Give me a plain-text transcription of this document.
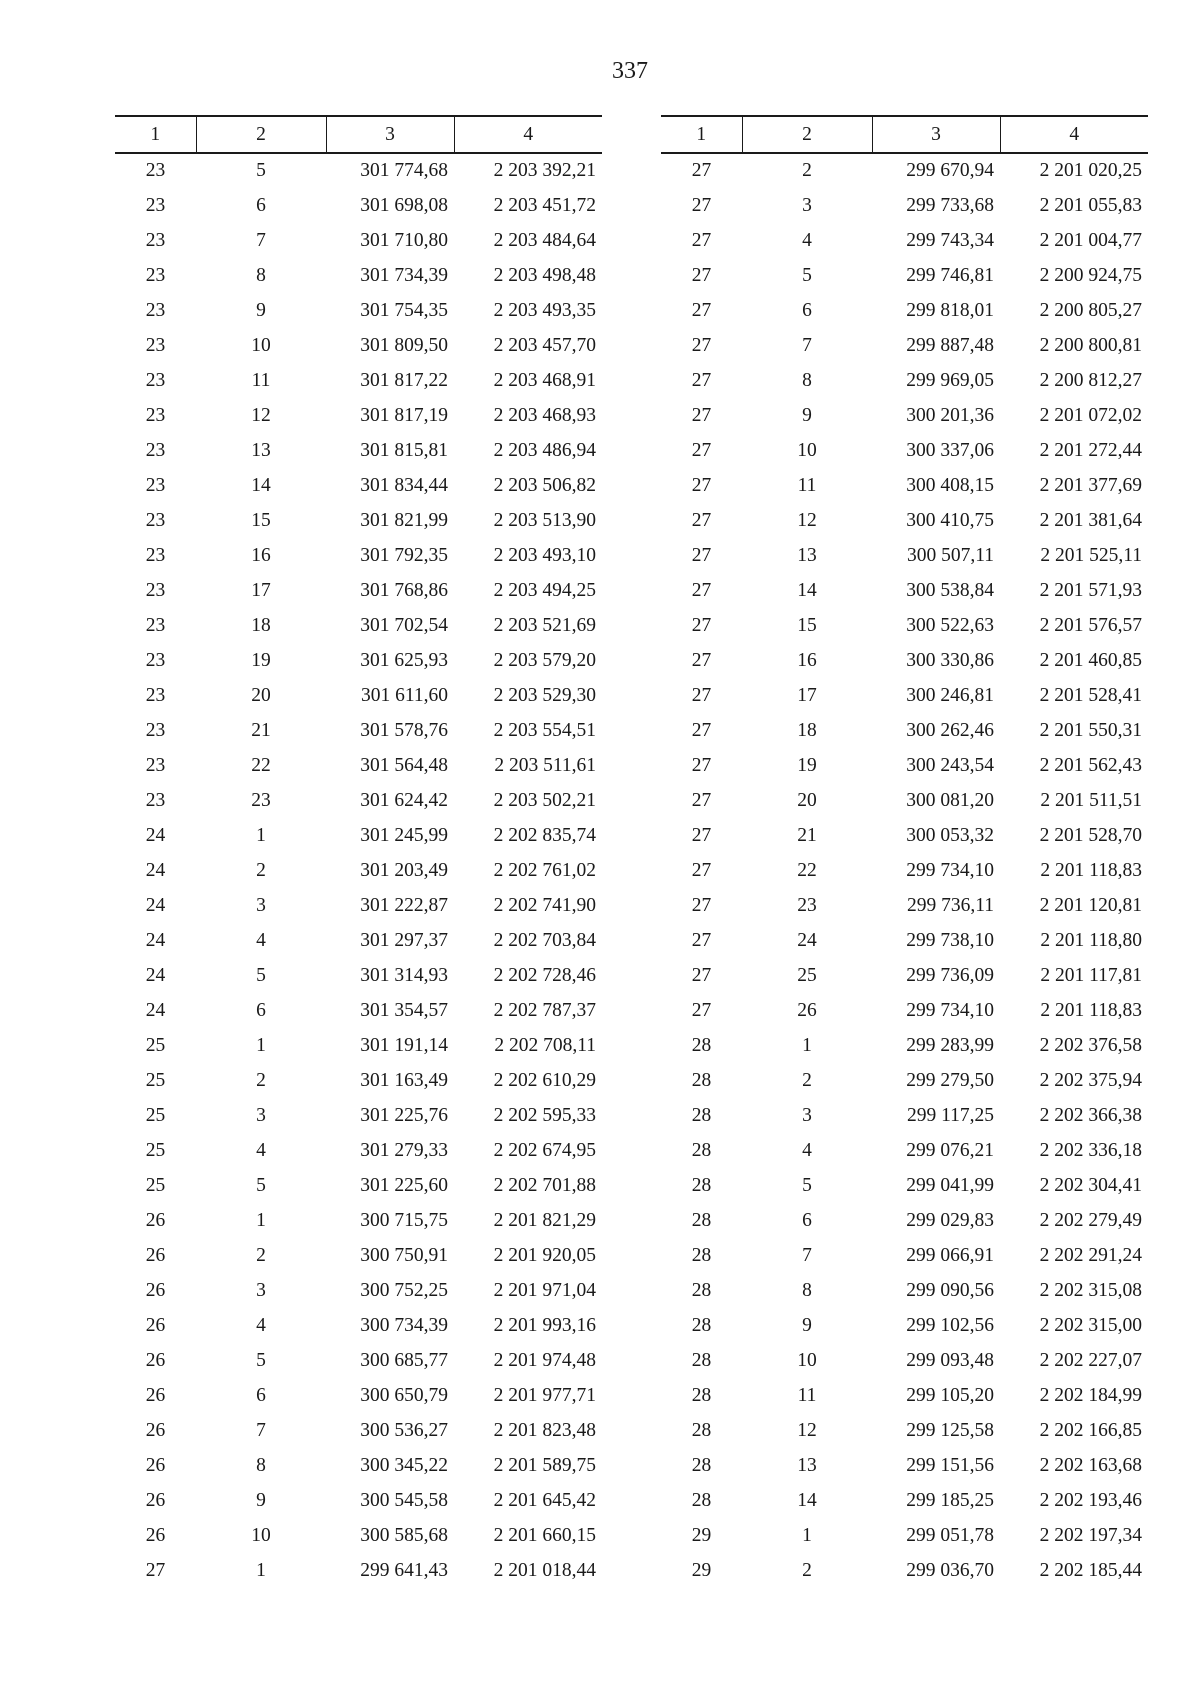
337
1	2	3	4
23	5	301 774,68	2 203 392,21
23	6	301 698,08	2 203 451,72
23	7	301 710,80	2 203 484,64
23	8	301 734,39	2 203 498,48
23	9	301 754,35	2 203 493,35
23	10	301 809,50	2 203 457,70
23	11	301 817,22	2 203 468,91
23	12	301 817,19	2 203 468,93
23	13	301 815,81	2 203 486,94
23	14	301 834,44	2 203 506,82
23	15	301 821,99	2 203 513,90
23	16	301 792,35	2 203 493,10
23	17	301 768,86	2 203 494,25
23	18	301 702,54	2 203 521,69
23	19	301 625,93	2 203 579,20
23	20	301 611,60	2 203 529,30
23	21	301 578,76	2 203 554,51
23	22	301 564,48	2 203 511,61
23	23	301 624,42	2 203 502,21
24	1	301 245,99	2 202 835,74
24	2	301 203,49	2 202 761,02
24	3	301 222,87	2 202 741,90
24	4	301 297,37	2 202 703,84
24	5	301 314,93	2 202 728,46
24	6	301 354,57	2 202 787,37
25	1	301 191,14	2 202 708,11
25	2	301 163,49	2 202 610,29
25	3	301 225,76	2 202 595,33
25	4	301 279,33	2 202 674,95
25	5	301 225,60	2 202 701,88
26	1	300 715,75	2 201 821,29
26	2	300 750,91	2 201 920,05
26	3	300 752,25	2 201 971,04
26	4	300 734,39	2 201 993,16
26	5	300 685,77	2 201 974,48
26	6	300 650,79	2 201 977,71
26	7	300 536,27	2 201 823,48
26	8	300 345,22	2 201 589,75
26	9	300 545,58	2 201 645,42
26	10	300 585,68	2 201 660,15
27	1	299 641,43	2 201 018,44
1	2	3	4
27	2	299 670,94	2 201 020,25
27	3	299 733,68	2 201 055,83
27	4	299 743,34	2 201 004,77
27	5	299 746,81	2 200 924,75
27	6	299 818,01	2 200 805,27
27	7	299 887,48	2 200 800,81
27	8	299 969,05	2 200 812,27
27	9	300 201,36	2 201 072,02
27	10	300 337,06	2 201 272,44
27	11	300 408,15	2 201 377,69
27	12	300 410,75	2 201 381,64
27	13	300 507,11	2 201 525,11
27	14	300 538,84	2 201 571,93
27	15	300 522,63	2 201 576,57
27	16	300 330,86	2 201 460,85
27	17	300 246,81	2 201 528,41
27	18	300 262,46	2 201 550,31
27	19	300 243,54	2 201 562,43
27	20	300 081,20	2 201 511,51
27	21	300 053,32	2 201 528,70
27	22	299 734,10	2 201 118,83
27	23	299 736,11	2 201 120,81
27	24	299 738,10	2 201 118,80
27	25	299 736,09	2 201 117,81
27	26	299 734,10	2 201 118,83
28	1	299 283,99	2 202 376,58
28	2	299 279,50	2 202 375,94
28	3	299 117,25	2 202 366,38
28	4	299 076,21	2 202 336,18
28	5	299 041,99	2 202 304,41
28	6	299 029,83	2 202 279,49
28	7	299 066,91	2 202 291,24
28	8	299 090,56	2 202 315,08
28	9	299 102,56	2 202 315,00
28	10	299 093,48	2 202 227,07
28	11	299 105,20	2 202 184,99
28	12	299 125,58	2 202 166,85
28	13	299 151,56	2 202 163,68
28	14	299 185,25	2 202 193,46
29	1	299 051,78	2 202 197,34
29	2	299 036,70	2 202 185,44
